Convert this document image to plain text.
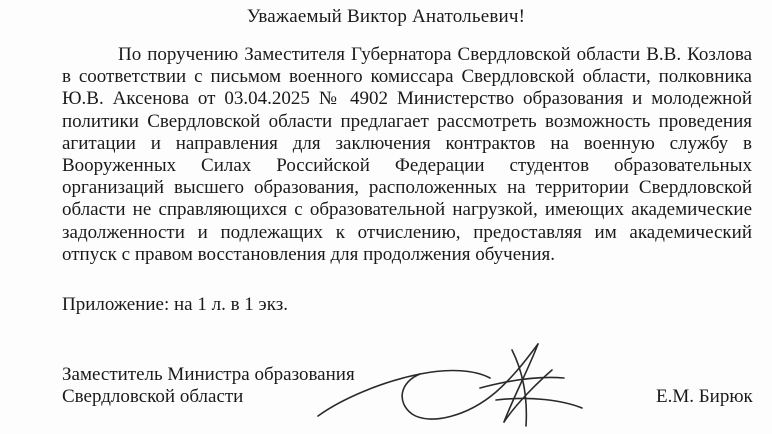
Уважаемый Виктор Анатольевич!
По поручению Заместителя Губернатора Свердловской области В.В. Козлова
в соответствии с письмом военного комиссара Свердловской области, полковника
Ю.В. Аксенова от 03.04.2025 № 4902 Министерство образования и молодежной
политики Свердловской области предлагает рассмотреть возможность проведения
агитации и направления для заключения контрактов на военную службу в
Вооруженных Силах Российской Федерации студентов образовательных
организаций высшего образования, расположенных на территории Свердловской
области не справляющихся с образовательной нагрузкой, имеющих академические
задолженности и подлежащих к отчислению, предоставляя им академический
отпуск с правом восстановления для продолжения обучения.
Приложение: на 1 л. в 1 экз.
Заместитель Министра образования
Свердловской области	Е.М. Бирюк
